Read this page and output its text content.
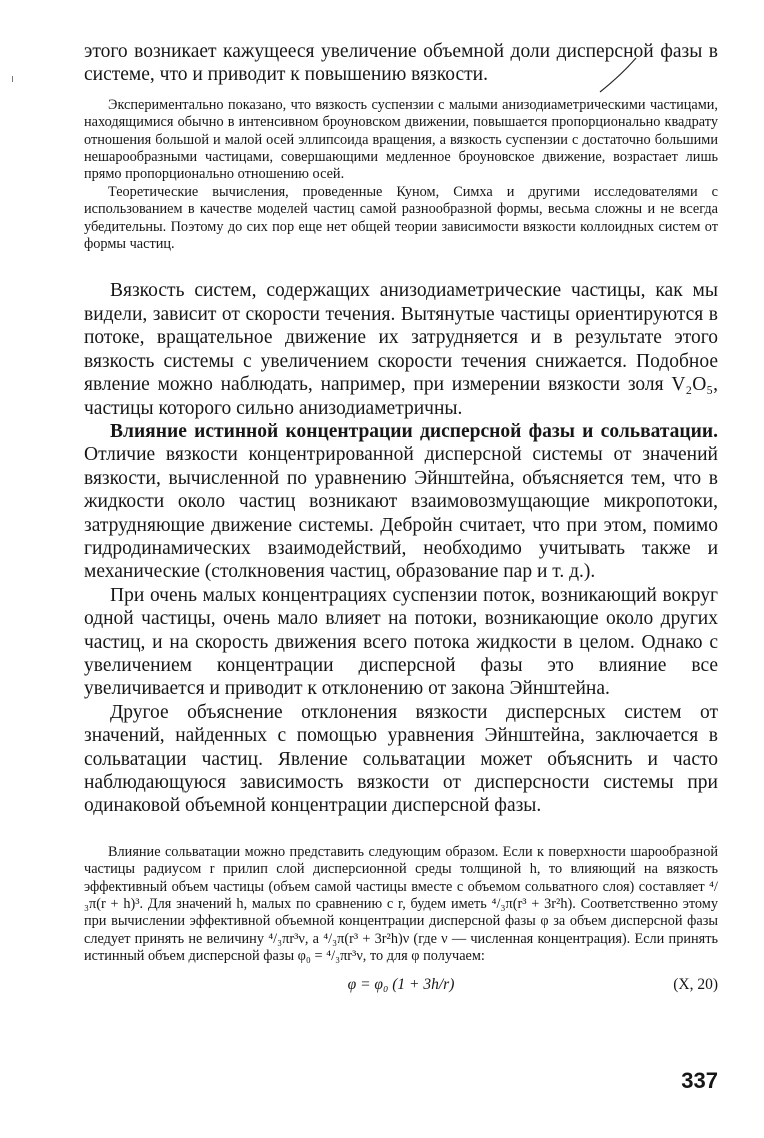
этого возникает кажущееся увеличение объемной доли дисперсной фазы в системе, что и приводит к повышению вязкости.

Экспериментально показано, что вязкость суспензии с малыми анизодиаметрическими частицами, находящимися обычно в интенсивном броуновском движении, повышается пропорционально квадрату отношения большой и малой осей эллипсоида вращения, а вязкость суспензии с достаточно большими нешарообразными частицами, совершающими медленное броуновское движение, возрастает лишь прямо пропорционально отношению осей.

Теоретические вычисления, проведенные Куном, Симха и другими исследователями с использованием в качестве моделей частиц самой разнообразной формы, весьма сложны и не всегда убедительны. Поэтому до сих пор еще нет общей теории зависимости вязкости коллоидных систем от формы частиц.

Вязкость систем, содержащих анизодиаметрические частицы, как мы видели, зависит от скорости течения. Вытянутые частицы ориентируются в потоке, вращательное движение их затрудняется и в результате этого вязкость системы с увеличением скорости течения снижается. Подобное явление можно наблюдать, например, при измерении вязкости золя V₂O₅, частицы которого сильно анизодиаметричны.

Влияние истинной концентрации дисперсной фазы и сольватации. Отличие вязкости концентрированной дисперсной системы от значений вязкости, вычисленной по уравнению Эйнштейна, объясняется тем, что в жидкости около частиц возникают взаимовозмущающие микропотоки, затрудняющие движение системы. Дебройн считает, что при этом, помимо гидродинамических взаимодействий, необходимо учитывать также и механические (столкновения частиц, образование пар и т. д.).

При очень малых концентрациях суспензии поток, возникающий вокруг одной частицы, очень мало влияет на потоки, возникающие около других частиц, и на скорость движения всего потока жидкости в целом. Однако с увеличением концентрации дисперсной фазы это влияние все увеличивается и приводит к отклонению от закона Эйнштейна.

Другое объяснение отклонения вязкости дисперсных систем от значений, найденных с помощью уравнения Эйнштейна, заключается в сольватации частиц. Явление сольватации может объяснить и часто наблюдающуюся зависимость вязкости от дисперсности системы при одинаковой объемной концентрации дисперсной фазы.

Влияние сольватации можно представить следующим образом. Если к поверхности шарообразной частицы радиусом r прилип слой дисперсионной среды толщиной h, то влияющий на вязкость эффективный объем частицы (объем самой частицы вместе с объемом сольватного слоя) составляет ⁴/₃π(r + h)³. Для значений h, малых по сравнению с r, будем иметь ⁴/₃π(r³ + 3r²h). Соответственно этому при вычислении эффективной объемной концентрации дисперсной фазы φ за объем дисперсной фазы следует принять не величину ⁴/₃πr³ν, а ⁴/₃π(r³ + 3r²h)ν (где ν — численная концентрация). Если принять истинный объем дисперсной фазы φ₀ = ⁴/₃πr³ν, то для φ получаем:

φ = φ₀ (1 + 3h/r)	(X, 20)
337
